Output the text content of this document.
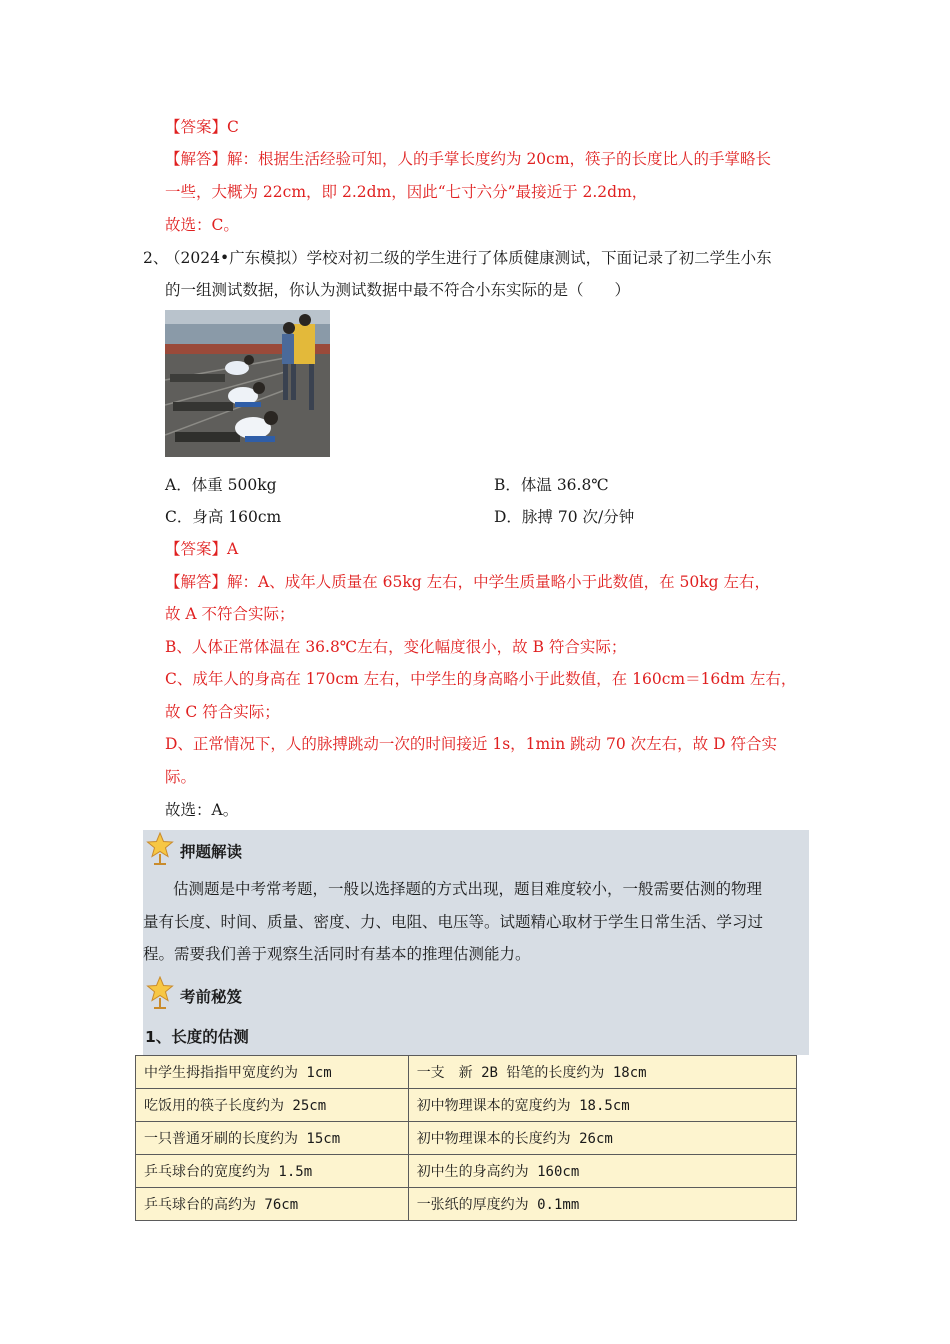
【答案】C
【解答】解：根据生活经验可知，人的手掌长度约为 20cm，筷子的长度比人的手掌略长
一些，大概为 22cm，即 2.2dm，因此“七寸六分”最接近于 2.2dm，
故选：C。
2、
（2024•广东模拟）学校对初二级的学生进行了体质健康测试，下面记录了初二学生小东
的一组测试数据，你认为测试数据中最不符合小东实际的是（　　）
A．体重 500kg	B．体温 36.8℃
C．身高 160cm	D．脉搏 70 次/分钟
【答案】A
【解答】解：A、成年人质量在 65kg 左右，中学生质量略小于此数值，在 50kg 左右，
故 A 不符合实际；
B、人体正常体温在 36.8℃左右，变化幅度很小，故 B 符合实际；
C、成年人的身高在 170cm 左右，中学生的身高略小于此数值，在 160cm＝16dm 左右，
故 C 符合实际；
D、正常情况下，人的脉搏跳动一次的时间接近 1s，1min 跳动 70 次左右，故 D 符合实
际。
故选：A。
押题解读
估测题是中考常考题，一般以选择题的方式出现，题目难度较小，一般需要估测的物理
量有长度、时间、质量、密度、力、电阻、电压等。试题精心取材于学生日常生活、学习过
程。需要我们善于观察生活同时有基本的推理估测能力。
考前秘笈
1、长度的估测
中学生拇指指甲宽度约为 1cm	一支　新 2B 铅笔的长度约为 18cm
吃饭用的筷子长度约为 25cm	初中物理课本的宽度约为 18.5cm
一只普通牙刷的长度约为 15cm	初中物理课本的长度约为 26cm
乒乓球台的宽度约为 1.5m	初中生的身高约为 160cm
乒乓球台的高约为 76cm	一张纸的厚度约为 0.1mm
